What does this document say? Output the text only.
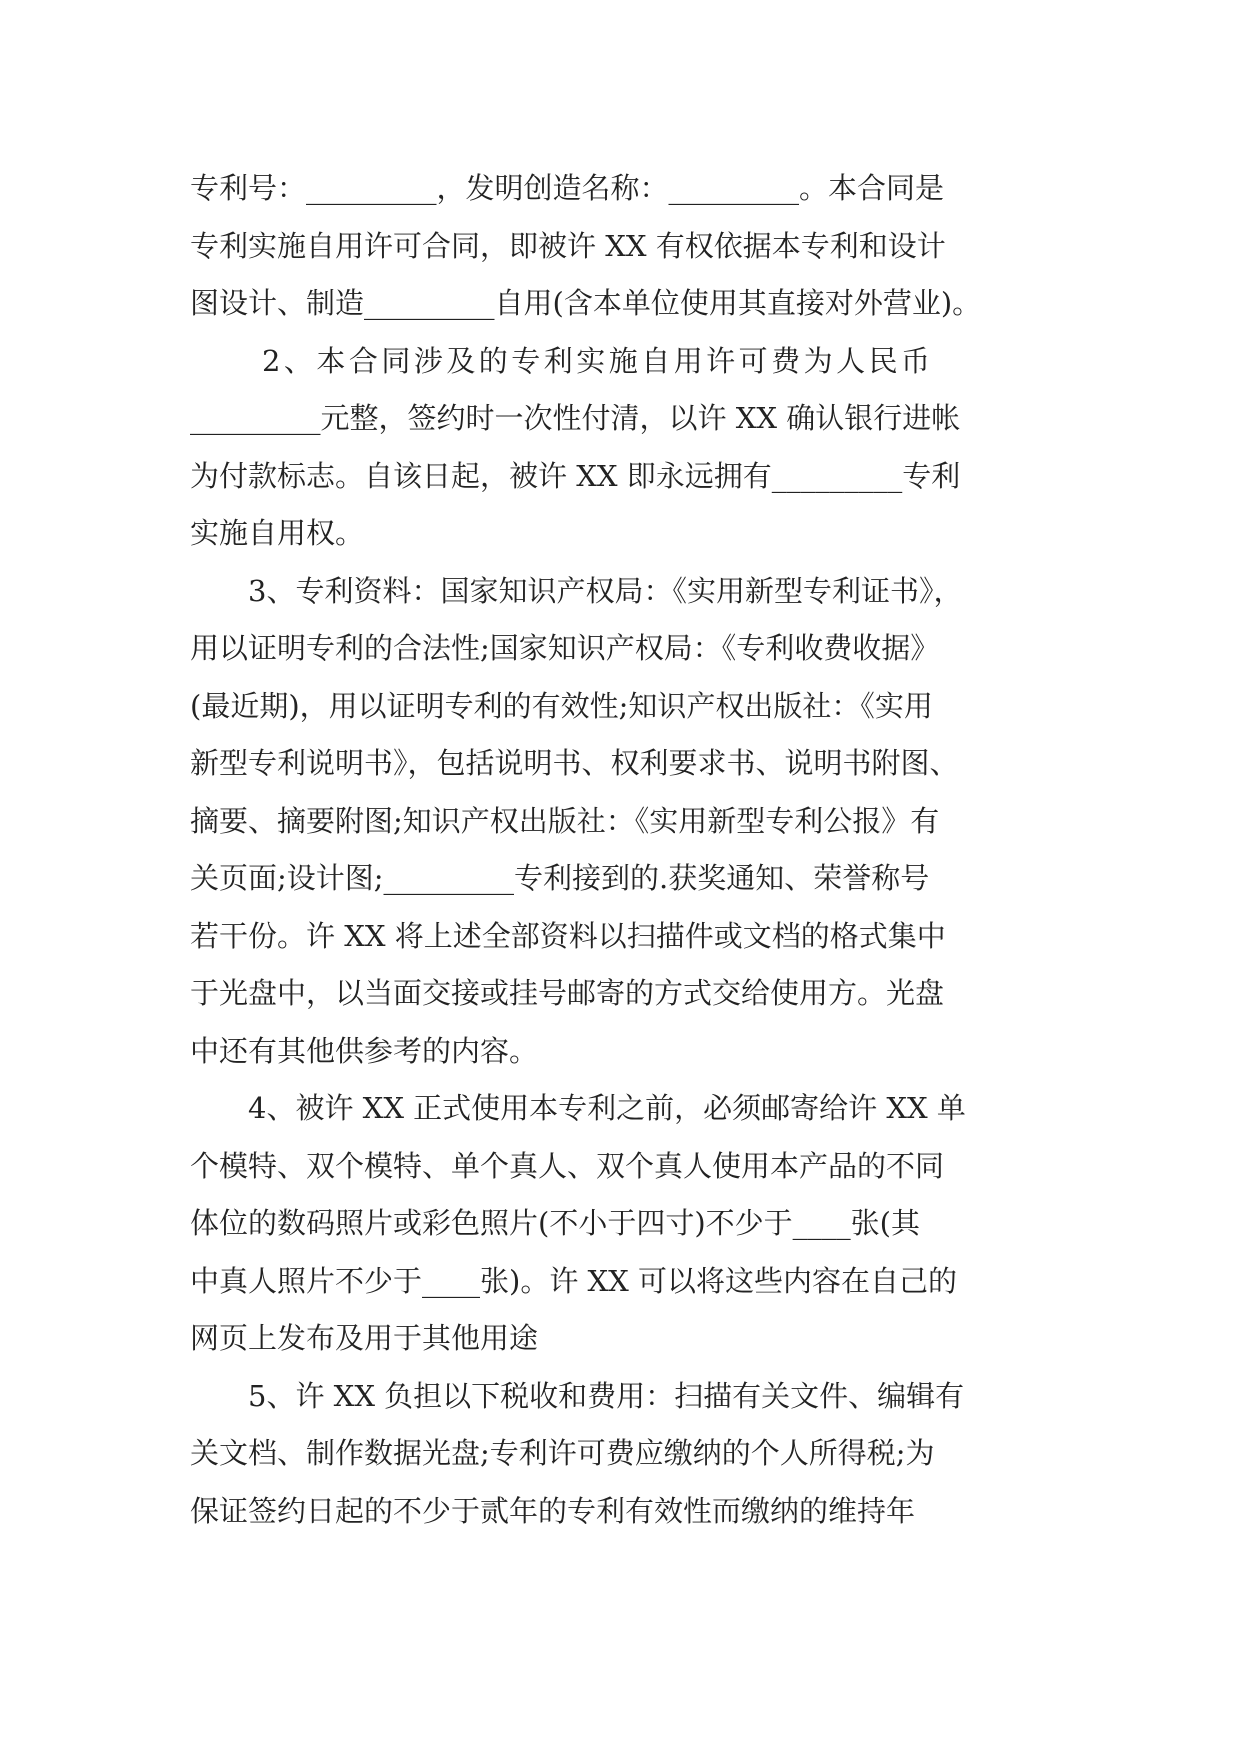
专利号：_________，发明创造名称：_________。本合同是
专利实施自用许可合同，即被许 XX 有权依据本专利和设计
图设计、制造_________自用(含本单位使用其直接对外营业)。
2、本合同涉及的专利实施自用许可费为人民币
_________元整，签约时一次性付清，以许 XX 确认银行进帐
为付款标志。自该日起，被许 XX 即永远拥有_________专利
实施自用权。
3、专利资料：国家知识产权局：《实用新型专利证书》，
用以证明专利的合法性;国家知识产权局：《专利收费收据》
(最近期)，用以证明专利的有效性;知识产权出版社：《实用
新型专利说明书》，包括说明书、权利要求书、说明书附图、
摘要、摘要附图;知识产权出版社：《实用新型专利公报》有
关页面;设计图;_________专利接到的.获奖通知、荣誉称号
若干份。许 XX 将上述全部资料以扫描件或文档的格式集中
于光盘中，以当面交接或挂号邮寄的方式交给使用方。光盘
中还有其他供参考的内容。
4、被许 XX 正式使用本专利之前，必须邮寄给许 XX 单
个模特、双个模特、单个真人、双个真人使用本产品的不同
体位的数码照片或彩色照片(不小于四寸)不少于____张(其
中真人照片不少于____张)。许 XX 可以将这些内容在自己的
网页上发布及用于其他用途
5、许 XX 负担以下税收和费用：扫描有关文件、编辑有
关文档、制作数据光盘;专利许可费应缴纳的个人所得税;为
保证签约日起的不少于贰年的专利有效性而缴纳的维持年
